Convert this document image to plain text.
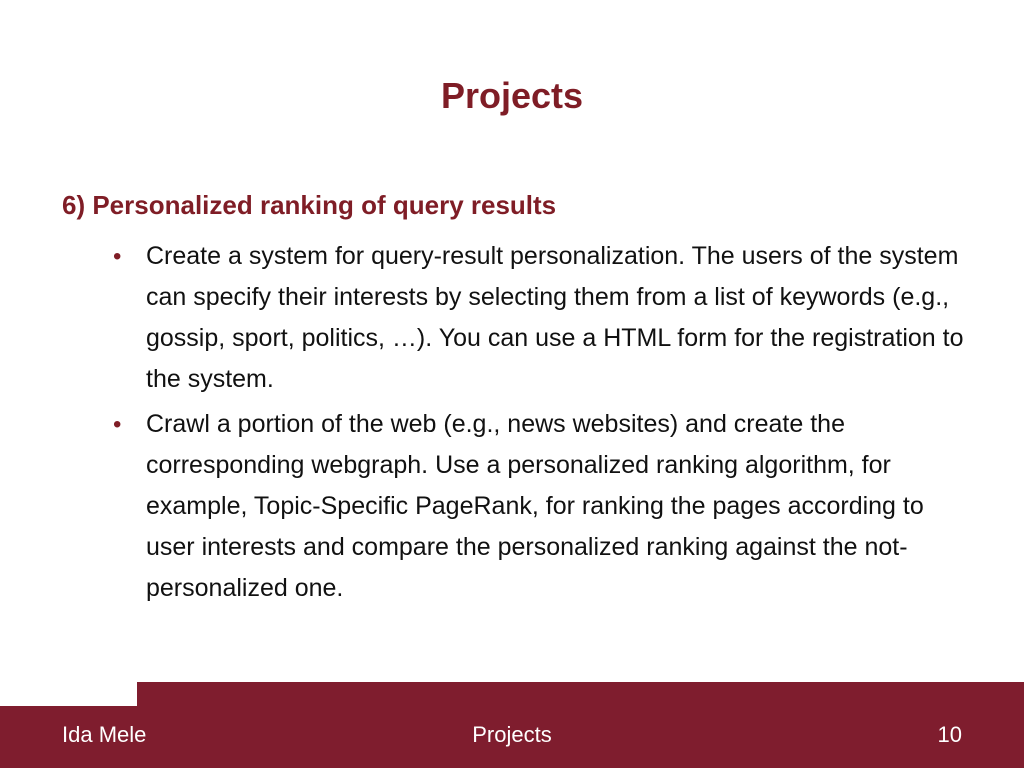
Projects
6) Personalized ranking of query results
• Create a system for query-result personalization. The users of the system can specify their interests by selecting them from a list of keywords (e.g., gossip, sport, politics, …). You can use a HTML form for the registration to the system.
• Crawl a portion of the web (e.g., news websites) and create the corresponding webgraph. Use a personalized ranking algorithm, for example, Topic-Specific PageRank, for ranking the pages according to user interests and compare the personalized ranking against the not-personalized one.
Ida Mele	Projects	10
